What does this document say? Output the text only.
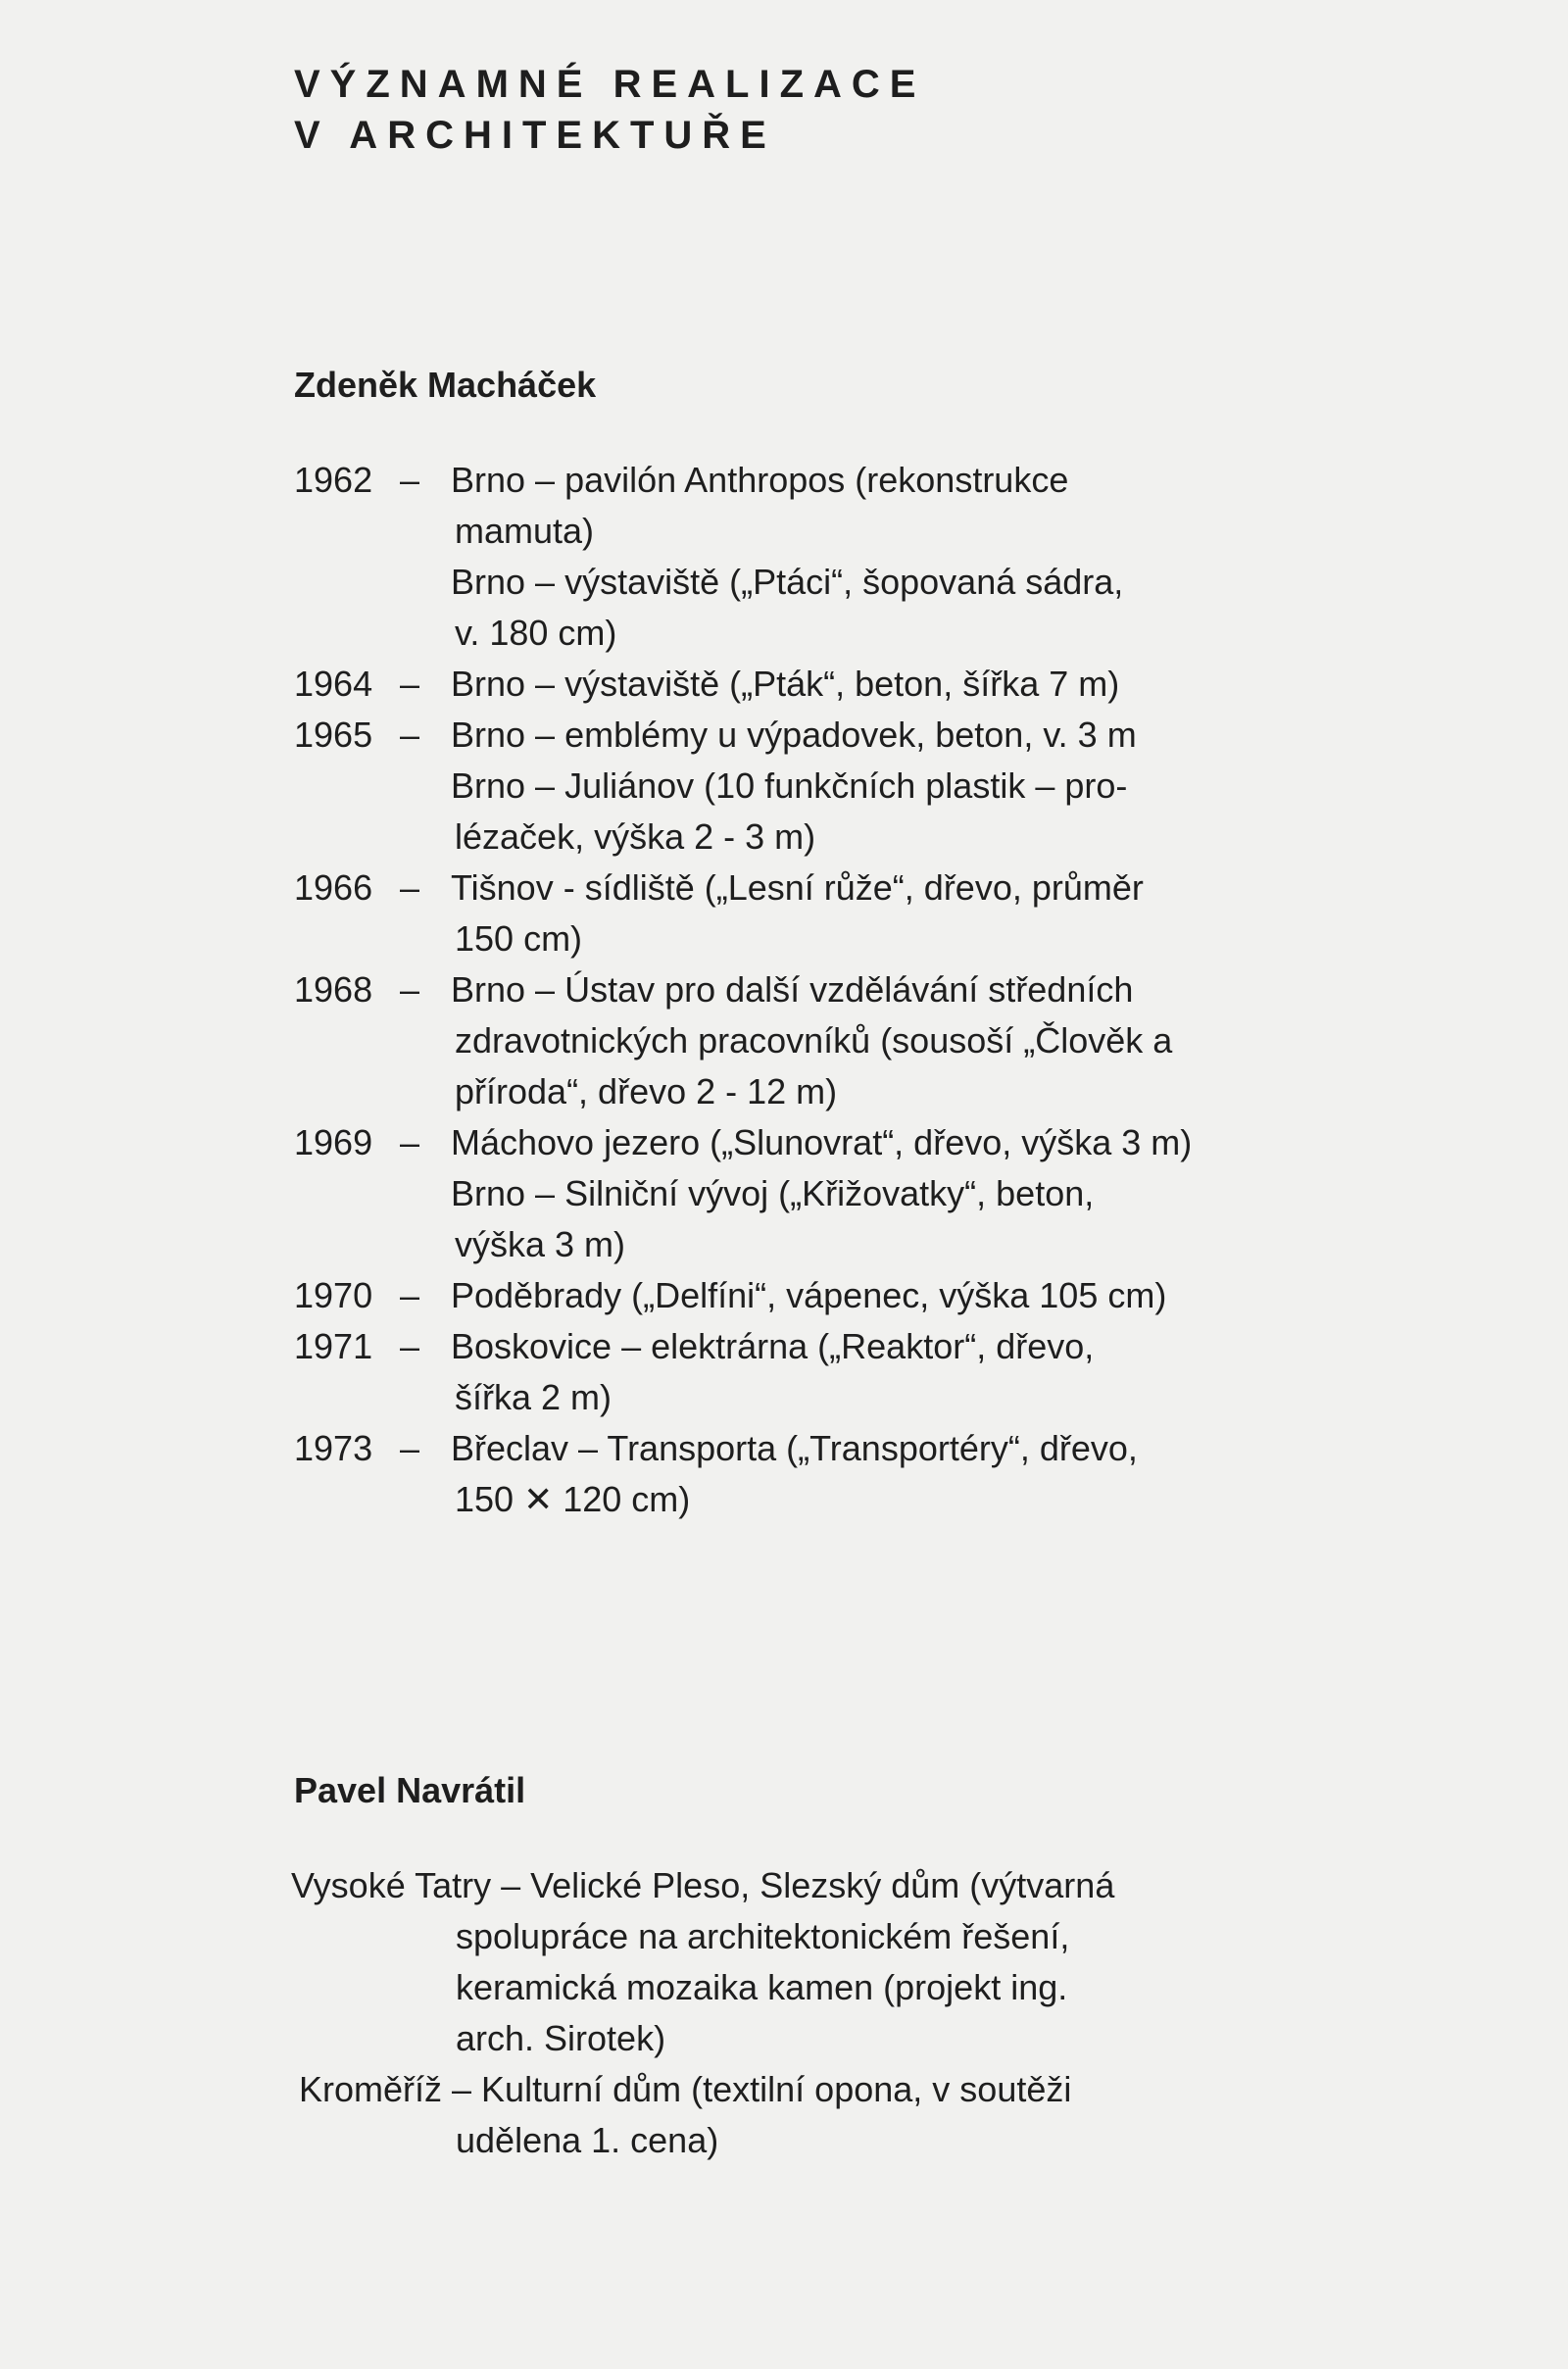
VÝZNAMNÉ REALIZACE
V ARCHITEKTUŘE
Zdeněk Macháček
1962 – Brno – pavilón Anthropos (rekonstrukce
mamuta)
Brno – výstaviště („Ptáci“, šopovaná sádra,
v. 180 cm)
1964 – Brno – výstaviště („Pták“, beton, šířka 7 m)
1965 – Brno – emblémy u výpadovek, beton, v. 3 m
Brno – Juliánov (10 funkčních plastik – pro-
lézaček, výška 2 - 3 m)
1966 – Tišnov - sídliště („Lesní růže“, dřevo, průměr
150 cm)
1968 – Brno – Ústav pro další vzdělávání středních
zdravotnických pracovníků (sousoší „Člověk a
příroda“, dřevo 2 - 12 m)
1969 – Máchovo jezero („Slunovrat“, dřevo, výška 3 m)
Brno – Silniční vývoj („Křižovatky“, beton,
výška 3 m)
1970 – Poděbrady („Delfíni“, vápenec, výška 105 cm)
1971 – Boskovice – elektrárna („Reaktor“, dřevo,
šířka 2 m)
1973 – Břeclav – Transporta („Transportéry“, dřevo,
150 ✕ 120 cm)
Pavel Navrátil
Vysoké Tatry – Velické Pleso, Slezský dům (výtvarná
spolupráce na architektonickém řešení,
keramická mozaika kamen (projekt ing.
arch. Sirotek)
Kroměříž – Kulturní dům (textilní opona, v soutěži
udělena 1. cena)
